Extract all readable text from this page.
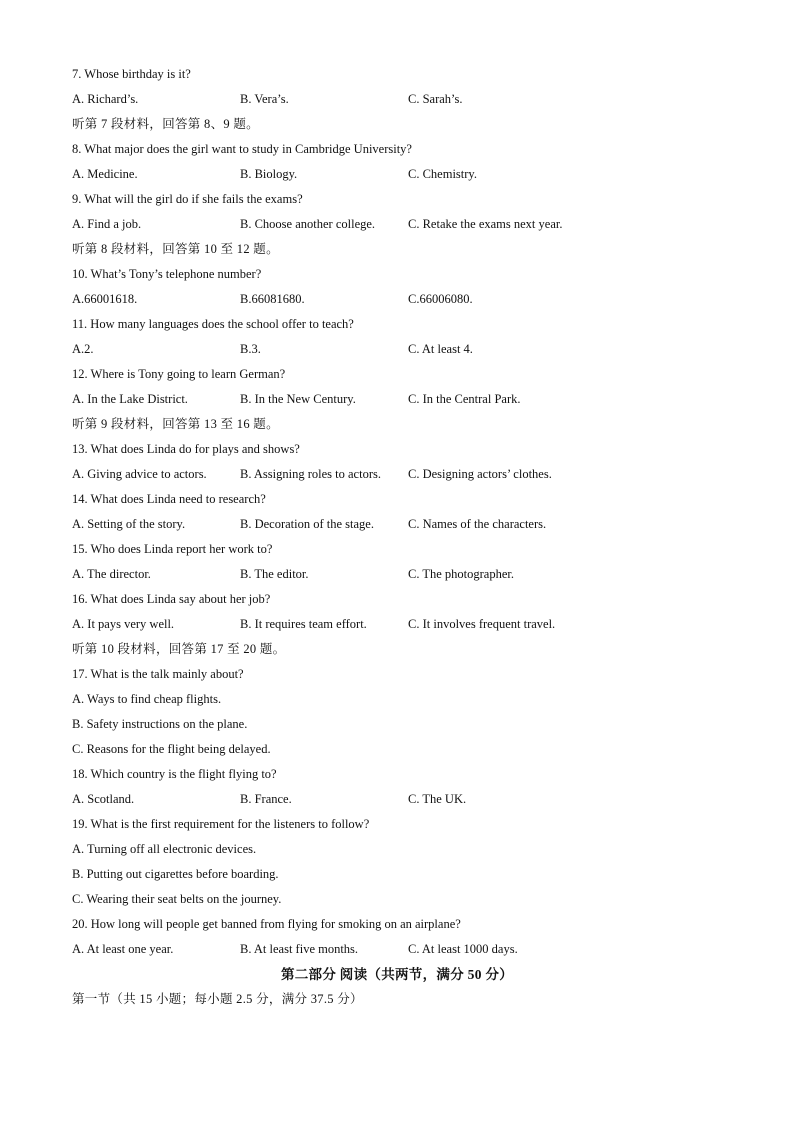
7. Whose birthday is it?
A. Richard’s.	B. Vera’s.	C. Sarah’s.
听第 7 段材料，回答第 8、9 题。
8. What major does the girl want to study in Cambridge University?
A. Medicine.	B. Biology.	C. Chemistry.
9. What will the girl do if she fails the exams?
A. Find a job.	B. Choose another college.	C. Retake the exams next year.
听第 8 段材料，回答第 10 至 12 题。
10. What’s Tony’s telephone number?
A.66001618.	B.66081680.	C.66006080.
11. How many languages does the school offer to teach?
A.2.	B.3.	C. At least 4.
12. Where is Tony going to learn German?
A. In the Lake District.	B. In the New Century.	C. In the Central Park.
听第 9 段材料，回答第 13 至 16 题。
13. What does Linda do for plays and shows?
A. Giving advice to actors.	B. Assigning roles to actors. C. Designing actors’ clothes.
14. What does Linda need to research?
A. Setting of the story.	B. Decoration of the stage.	C. Names of the characters.
15. Who does Linda report her work to?
A. The director.	B. The editor.	C. The photographer.
16. What does Linda say about her job?
A. It pays very well.	B. It requires team effort.	C. It involves frequent travel.
听第 10 段材料，回答第 17 至 20 题。
17. What is the talk mainly about?
A. Ways to find cheap flights.
B. Safety instructions on the plane.
C. Reasons for the flight being delayed.
18. Which country is the flight flying to?
A. Scotland.	B. France.	C. The UK.
19. What is the first requirement for the listeners to follow?
A. Turning off all electronic devices.
B. Putting out cigarettes before boarding.
C. Wearing their seat belts on the journey.
20. How long will people get banned from flying for smoking on an airplane?
A. At least one year.	B. At least five months.	C. At least 1000 days.
第二部分 阅读（共两节，满分 50 分）
第一节（共 15 小题；每小题 2.5 分，满分 37.5 分）
